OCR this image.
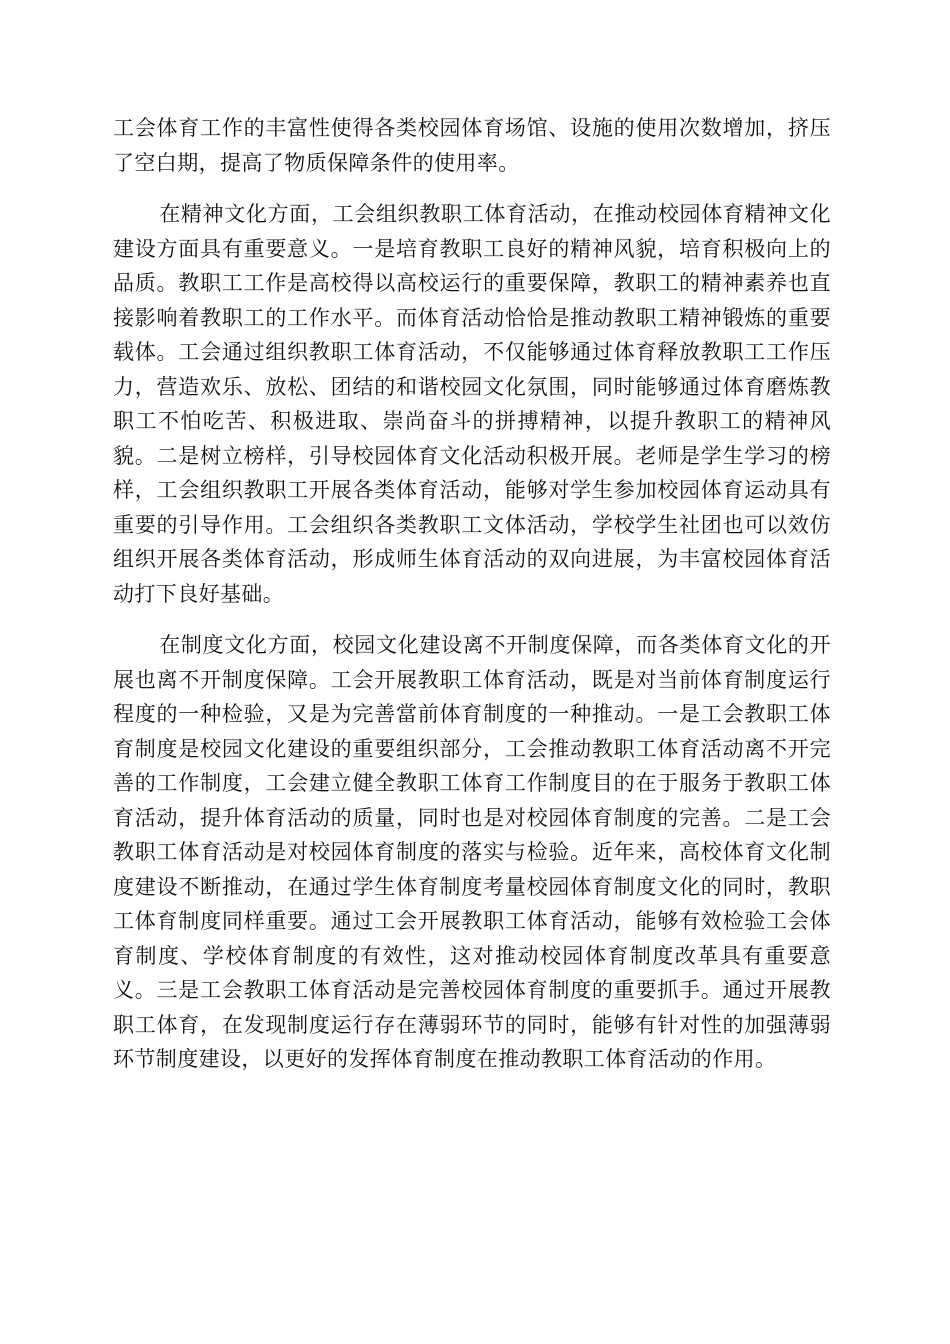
工会体育工作的丰富性使得各类校园体育场馆、设施的使用次数增加，挤压了空白期，提高了物质保障条件的使用率。

在精神文化方面，工会组织教职工体育活动，在推动校园体育精神文化建设方面具有重要意义。一是培育教职工良好的精神风貌，培育积极向上的品质。教职工工作是高校得以高校运行的重要保障，教职工的精神素养也直接影响着教职工的工作水平。而体育活动恰恰是推动教职工精神锻炼的重要载体。工会通过组织教职工体育活动，不仅能够通过体育释放教职工工作压力，营造欢乐、放松、团结的和谐校园文化氛围，同时能够通过体育磨炼教职工不怕吃苦、积极进取、崇尚奋斗的拼搏精神，以提升教职工的精神风貌。二是树立榜样，引导校园体育文化活动积极开展。老师是学生学习的榜样，工会组织教职工开展各类体育活动，能够对学生参加校园体育运动具有重要的引导作用。工会组织各类教职工文体活动，学校学生社团也可以效仿组织开展各类体育活动，形成师生体育活动的双向进展，为丰富校园体育活动打下良好基础。

在制度文化方面，校园文化建设离不开制度保障，而各类体育文化的开展也离不开制度保障。工会开展教职工体育活动，既是对当前体育制度运行程度的一种检验，又是为完善當前体育制度的一种推动。一是工会教职工体育制度是校园文化建设的重要组织部分，工会推动教职工体育活动离不开完善的工作制度，工会建立健全教职工体育工作制度目的在于服务于教职工体育活动，提升体育活动的质量，同时也是对校园体育制度的完善。二是工会教职工体育活动是对校园体育制度的落实与检验。近年来，高校体育文化制度建设不断推动，在通过学生体育制度考量校园体育制度文化的同时，教职工体育制度同样重要。通过工会开展教职工体育活动，能够有效检验工会体育制度、学校体育制度的有效性，这对推动校园体育制度改革具有重要意义。三是工会教职工体育活动是完善校园体育制度的重要抓手。通过开展教职工体育，在发现制度运行存在薄弱环节的同时，能够有针对性的加强薄弱环节制度建设，以更好的发挥体育制度在推动教职工体育活动的作用。
